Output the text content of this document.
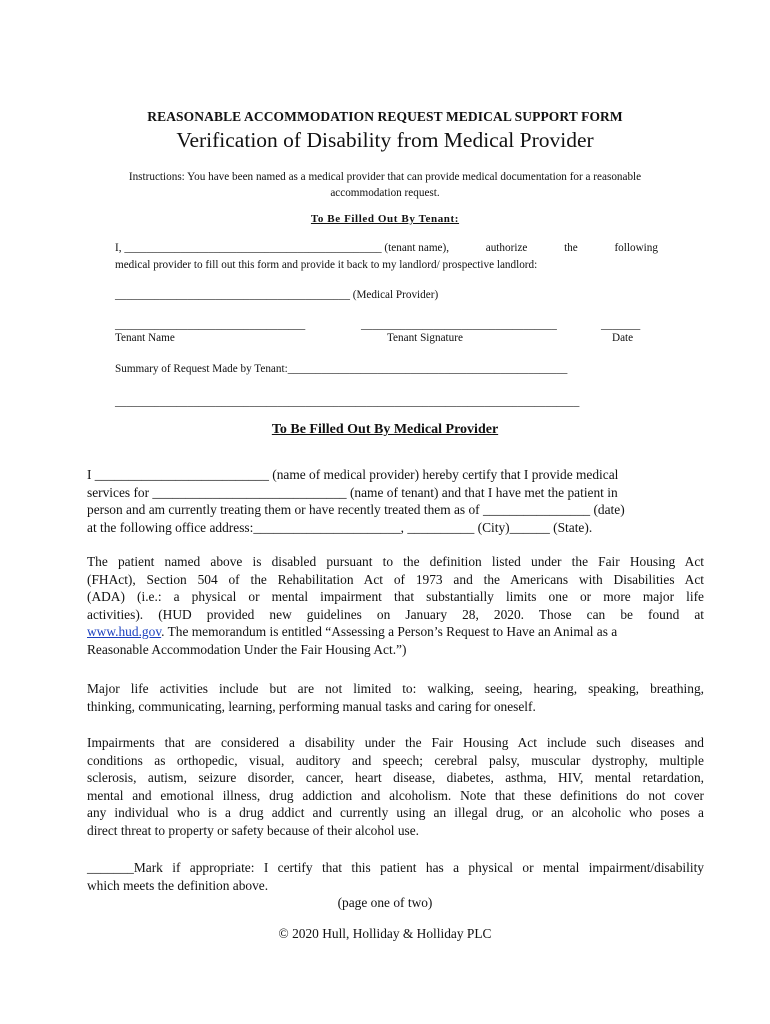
REASONABLE ACCOMMODATION REQUEST MEDICAL SUPPORT FORM
Verification of Disability from Medical Provider
Instructions: You have been named as a medical provider that can provide medical documentation for a reasonable accommodation request.
To Be Filled Out By Tenant:
I, ______________________________________________ (tenant name),	authorize	the	following
medical provider to fill out this form and provide it back to my landlord/ prospective landlord:
__________________________________________ (Medical Provider)
__________________________________	___________________________________	_______
Tenant Name	Tenant Signature	Date
Summary of Request Made by Tenant:__________________________________________________
___________________________________________________________________________________
To Be Filled Out By Medical Provider
I __________________________ (name of medical provider) hereby certify that I provide medical
services for _____________________________ (name of tenant) and that I have met the patient in
person and am currently treating them or have recently treated them as of ________________ (date)
at the following office address:______________________, __________ (City)______ (State).
The patient named above is disabled pursuant to the definition listed under the Fair Housing Act
(FHAct), Section 504 of the Rehabilitation Act of 1973 and the Americans with Disabilities Act
(ADA) (i.e.: a physical or mental impairment that substantially limits one or more major life
activities). (HUD provided new guidelines on January 28, 2020. Those can be found at
www.hud.gov. The memorandum is entitled “Assessing a Person’s Request to Have an Animal as a
Reasonable Accommodation Under the Fair Housing Act.”)
Major life activities include but are not limited to: walking, seeing, hearing, speaking, breathing,
thinking, communicating, learning, performing manual tasks and caring for oneself.
Impairments that are considered a disability under the Fair Housing Act include such diseases and
conditions as orthopedic, visual, auditory and speech; cerebral palsy, muscular dystrophy, multiple
sclerosis, autism, seizure disorder, cancer, heart disease, diabetes, asthma, HIV, mental retardation,
mental and emotional illness, drug addiction and alcoholism. Note that these definitions do not cover
any individual who is a drug addict and currently using an illegal drug, or an alcoholic who poses a
direct threat to property or safety because of their alcohol use.
_______Mark if appropriate: I certify that this patient has a physical or mental impairment/disability
which meets the definition above.
(page one of two)
© 2020 Hull, Holliday & Holliday PLC
